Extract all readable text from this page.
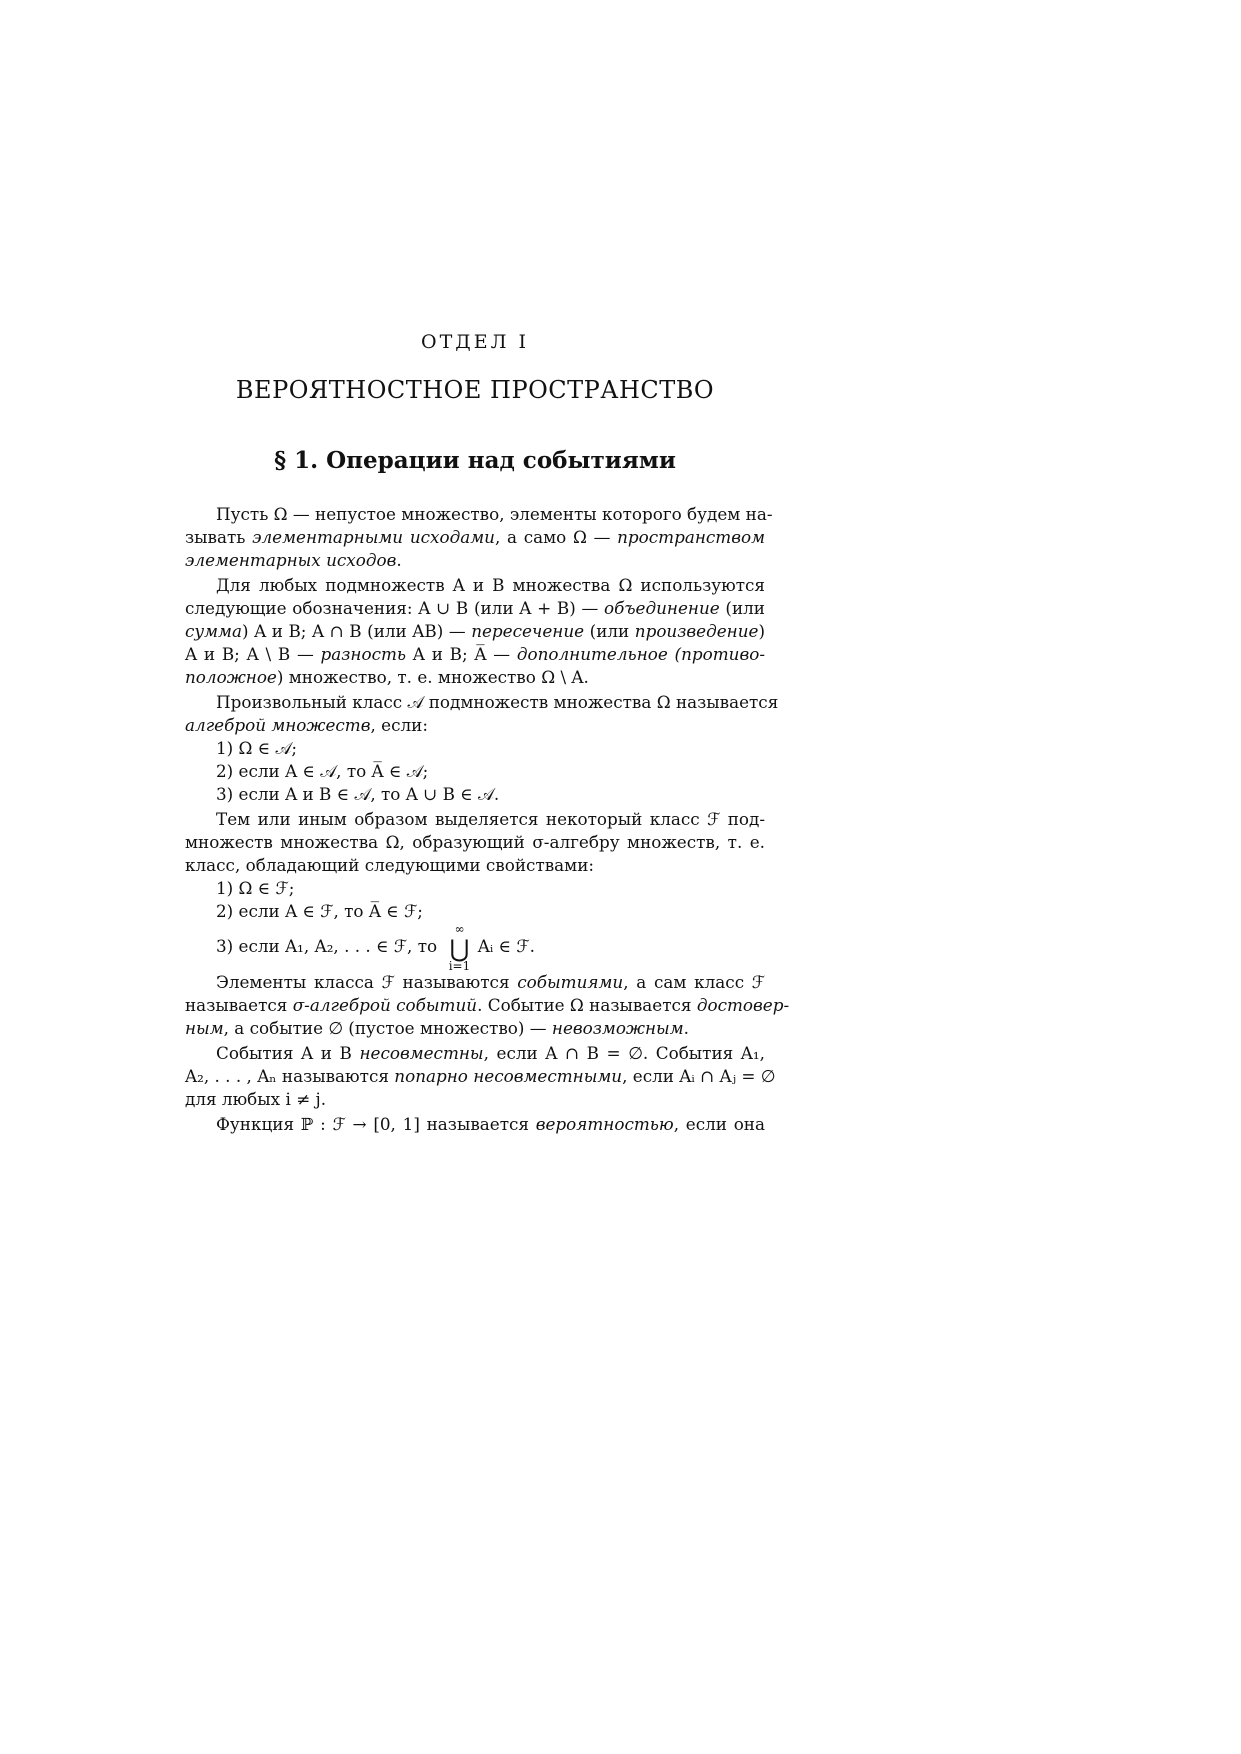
ОТДЕЛ I
ВЕРОЯТНОСТНОЕ ПРОСТРАНСТВО
§ 1. Операции над событиями
Пусть Ω — непустое множество, элементы которого будем на-
зывать элементарными исходами, а само Ω — пространством
элементарных исходов.
Для любых подмножеств A и B множества Ω используются
следующие обозначения: A ∪ B (или A + B) — объединение (или
сумма) A и B; A ∩ B (или AB) — пересечение (или произведение)
A и B; A \ B — разность A и B; A̅ — дополнительное (противо-
положное) множество, т. е. множество Ω \ A.
Произвольный класс 𝒜 подмножеств множества Ω называется
алгеброй множеств, если:
1) Ω ∈ 𝒜;
2) если A ∈ 𝒜, то A̅ ∈ 𝒜;
3) если A и B ∈ 𝒜, то A ∪ B ∈ 𝒜.
Тем или иным образом выделяется некоторый класс ℱ под-
множеств множества Ω, образующий σ-алгебру множеств, т. е.
класс, обладающий следующими свойствами:
1) Ω ∈ ℱ;
2) если A ∈ ℱ, то A̅ ∈ ℱ;
3) если A₁, A₂, . . . ∈ ℱ, то
∞
⋃
i=1
Aᵢ ∈ ℱ.
Элементы класса ℱ называются событиями, а сам класс ℱ
называется σ-алгеброй событий. Событие Ω называется достовер-
ным, а событие ∅ (пустое множество) — невозможным.
События A и B несовместны, если A ∩ B = ∅. События A₁,
A₂, . . . , Aₙ называются попарно несовместными, если Aᵢ ∩ Aⱼ = ∅
для любых i ≠ j.
Функция ℙ : ℱ → [0, 1] называется вероятностью, если она
